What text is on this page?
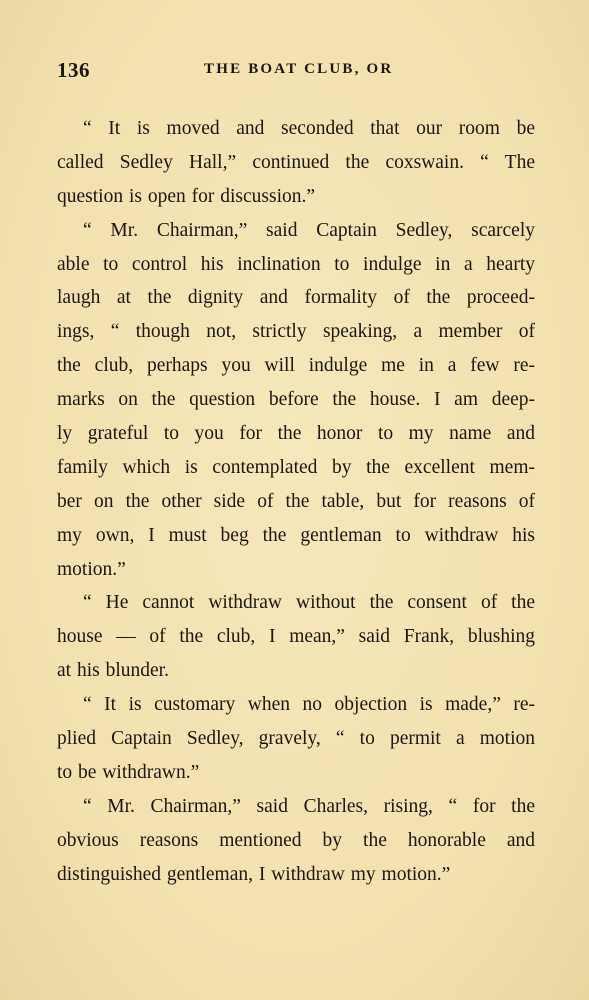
136	THE BOAT CLUB, OR
“ It is moved and seconded that our room be
called Sedley Hall,” continued the coxswain. “ The
question is open for discussion.”
“ Mr. Chairman,” said Captain Sedley, scarcely
able to control his inclination to indulge in a hearty
laugh at the dignity and formality of the proceed-
ings, “ though not, strictly speaking, a member of
the club, perhaps you will indulge me in a few re-
marks on the question before the house. I am deep-
ly grateful to you for the honor to my name and
family which is contemplated by the excellent mem-
ber on the other side of the table, but for reasons of
my own, I must beg the gentleman to withdraw his
motion.”
“ He cannot withdraw without the consent of the
house — of the club, I mean,” said Frank, blushing
at his blunder.
“ It is customary when no objection is made,” re-
plied Captain Sedley, gravely, “ to permit a motion
to be withdrawn.”
“ Mr. Chairman,” said Charles, rising, “ for the
obvious reasons mentioned by the honorable and
distinguished gentleman, I withdraw my motion.”
